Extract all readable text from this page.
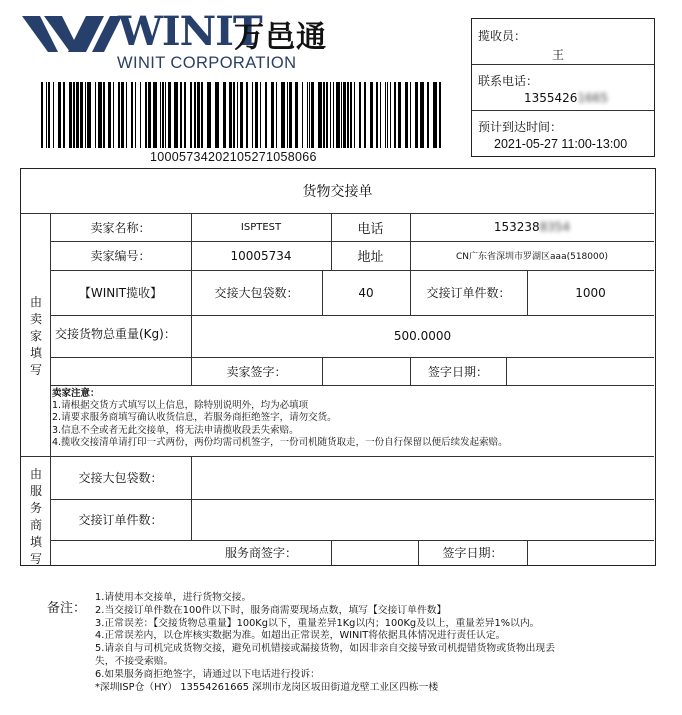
WINIT
万邑通
WINIT CORPORATION
100057342021052710580​66
揽收员：
王
联系电话：
13554261665
预计到达时间：
2021-05-27 11:00-13:00
货物交接单
由
卖
家
填
写
由
服
务
商
填
写
卖家名称：	ISPTEST	电话	153238 8354
卖家编号：	10005734	地址	CN广东省深圳市罗湖区aaa(518000)
【WINIT揽收】	交接大包袋数：	40	交接订单件数：	1000
交接货物总重量(Kg)：	500.0000
卖家签字：	签字日期：
交接大包袋数：
交接订单件数：
服务商签字：	签字日期：
卖家注意：
1.请根据交货方式填写以上信息，除特别说明外，均为必填项
2.请要求服务商填写确认收货信息，若服务商拒绝签字，请勿交货。
3.信息不全或者无此交接单，将无法申请揽收段丢失索赔。
4.揽收交接清单请打印一式两份，两份均需司机签字，一份司机随货取走，一份自行保留以便后续发起索赔。
备注：
1.请使用本交接单，进行货物交接。
2.当交接订单件数在100件以下时，服务商需要现场点数，填写【交接订单件数】
3.正常误差：【交接货物总重量】100Kg以下，重量差异1Kg以内；100Kg及以上，重量差异1%以内。
4.正常误差内，以仓库核实数据为准。如超出正常误差，WINIT将依据具体情况进行责任认定。
5.请亲自与司机完成货物交接，避免司机错接或漏接货物，如因非亲自交接导致司机提错货物或货物出现丢
失，不接受索赔。
6.如果服务商拒绝签字，请通过以下电话进行投诉：
*深圳ISP仓（HY） 13554261665 深圳市龙岗区坂田街道龙壁工业区四栋一楼
